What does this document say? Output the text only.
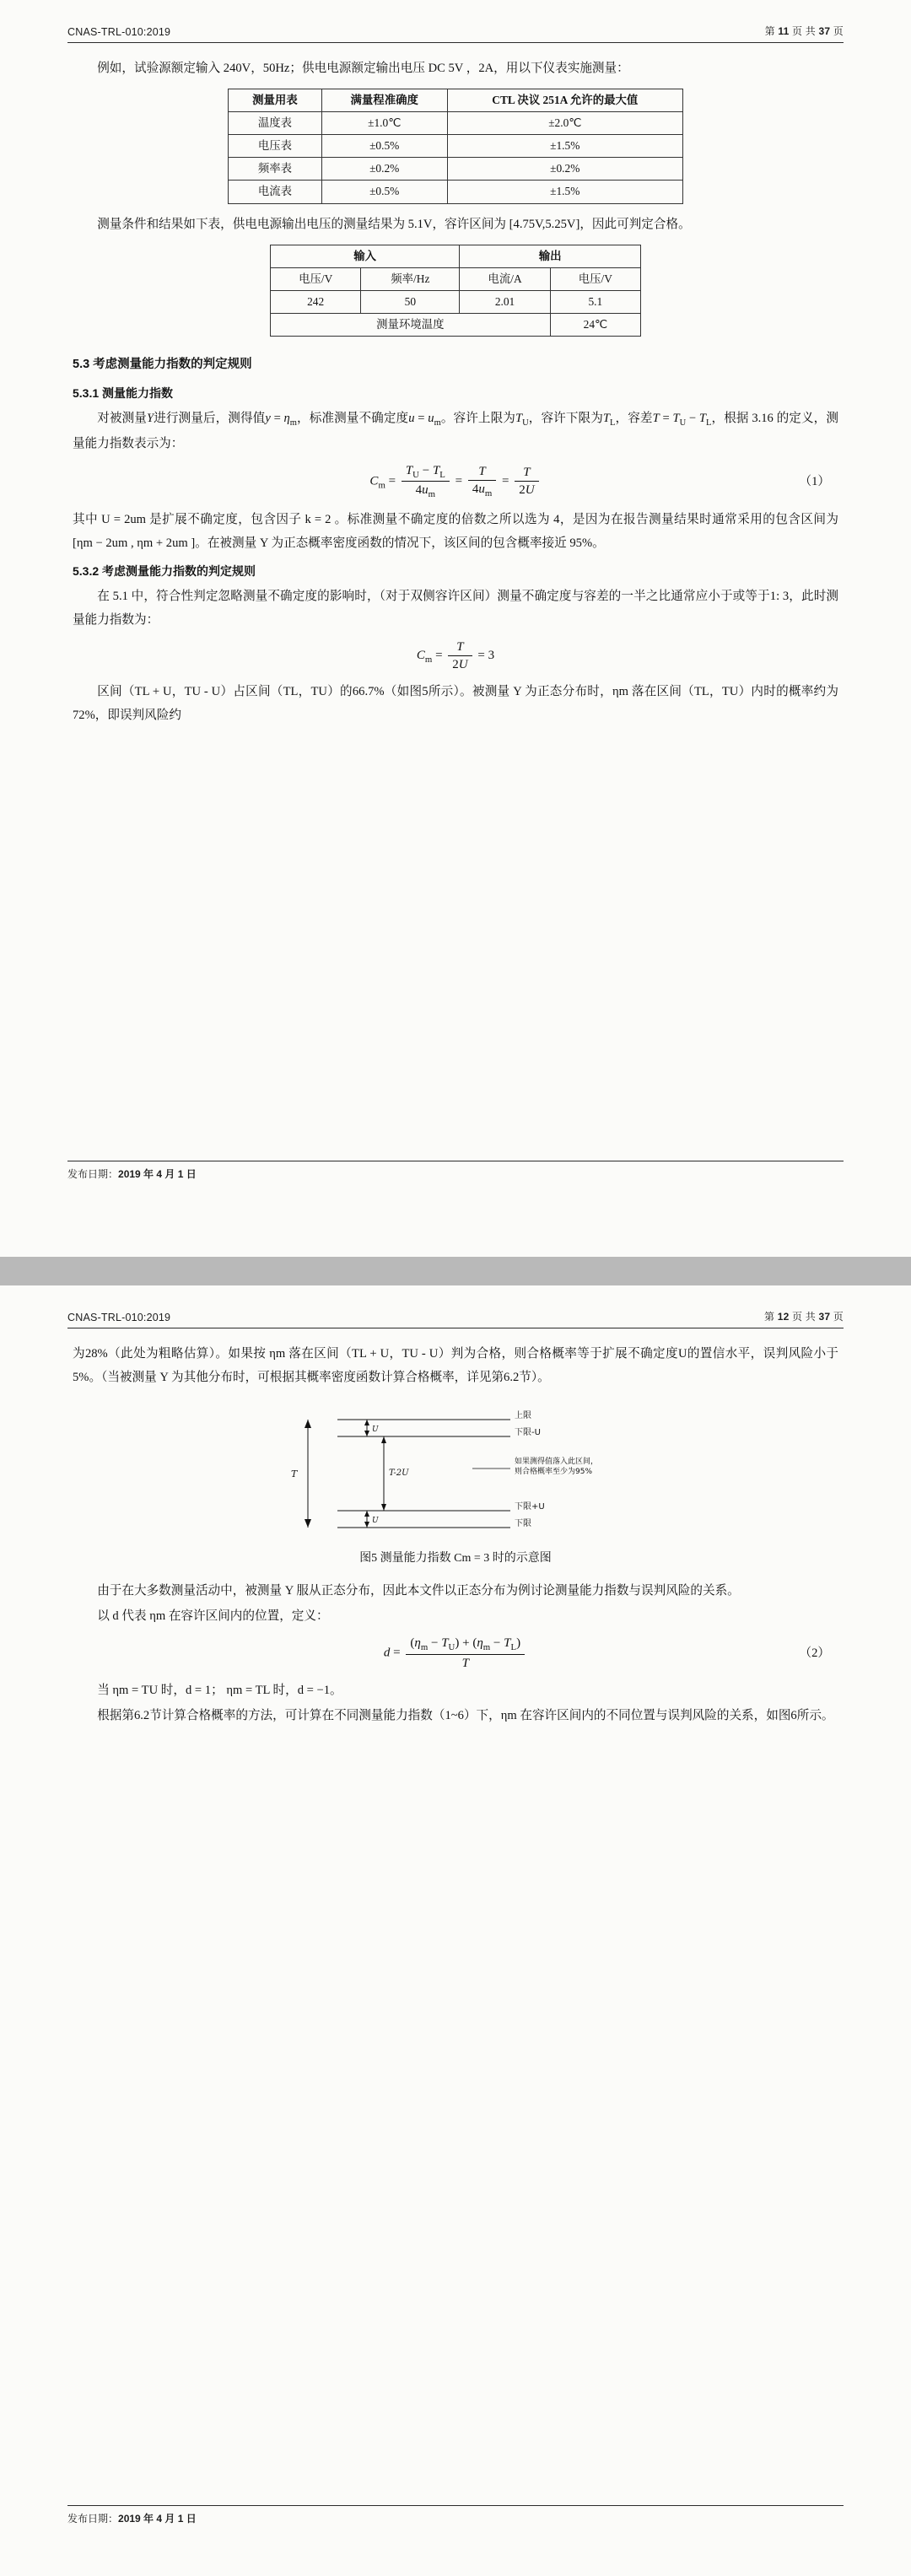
CNAS-TRL-010:2019	第 11 页 共 37 页

例如，试验源额定输入 240V，50Hz；供电电源额定输出电压 DC 5V ，2A，用以下仪表实施测量：

测量用表	满量程准确度	CTL 决议 251A 允许的最大值
温度表	±1.0℃	±2.0℃
电压表	±0.5%	±1.5%
频率表	±0.2%	±0.2%
电流表	±0.5%	±1.5%

测量条件和结果如下表，供电电源输出电压的测量结果为 5.1V，容许区间为 [4.75V,5.25V]，因此可判定合格。

输入		输出	
电压/V	频率/Hz	电流/A	电压/V
242	50	2.01	5.1
测量环境温度			24℃
5.3 考虑测量能力指数的判定规则
5.3.1 测量能力指数

对被测量Y进行测量后，测得值$y = \eta_m$，标准测量不确定度$u = u_m$。容许上限为$T_U$，容许下限为$T_L$，容差$T = T_U - T_L$，根据 3.16 的定义，测量能力指数表示为：

$C_m = \frac{T_U - T_L}{4u_m} = \frac{T}{4u_m} = \frac{T}{2U}$	（1）

其中 U = 2um 是扩展不确定度，包含因子 k = 2 。标准测量不确定度的倍数之所以选为 4，是因为在报告测量结果时通常采用的包含区间为 [ηm − 2um , ηm + 2um ]。在被测量 Y 为正态概率密度函数的情况下，该区间的包含概率接近 95%。

5.3.2 考虑测量能力指数的判定规则

在 5.1 中，符合性判定忽略测量不确定度的影响时，（对于双侧容许区间）测量不确定度与容差的一半之比通常应小于或等于1: 3，此时测量能力指数为：

$C_m = \frac{T}{2U} = 3$

区间（TL + U，TU - U）占区间（TL，TU）的66.7%（如图5所示）。被测量 Y 为正态分布时，ηm 落在区间（TL，TU）内时的概率约为72%，即误判风险约

发布日期：2019 年 4 月 1 日
CNAS-TRL-010:2019	第 12 页 共 37 页

为28%（此处为粗略估算）。如果按 ηm 落在区间（TL + U，TU - U）判为合格，则合格概率等于扩展不确定度U的置信水平，误判风险小于5%。（当被测量 Y 为其他分布时，可根据其概率密度函数计算合格概率，详见第6.2节）。

T
U
U
T-2U
上限
下限-U
下限+U
下限
如果测得值落入此区间，
则合格概率至少为95%
图5 测量能力指数 Cm = 3 时的示意图

由于在大多数测量活动中，被测量 Y 服从正态分布，因此本文件以正态分布为例讨论测量能力指数与误判风险的关系。

以 d 代表 ηm 在容许区间内的位置，定义：

$d = \frac{(\eta_m - T_U) + (\eta_m - T_L)}{T}$	（2）

当 ηm = TU 时，d = 1； ηm = TL 时，d = −1。

根据第6.2节计算合格概率的方法，可计算在不同测量能力指数（1~6）下，ηm 在容许区间内的不同位置与误判风险的关系，如图6所示。

发布日期：2019 年 4 月 1 日
